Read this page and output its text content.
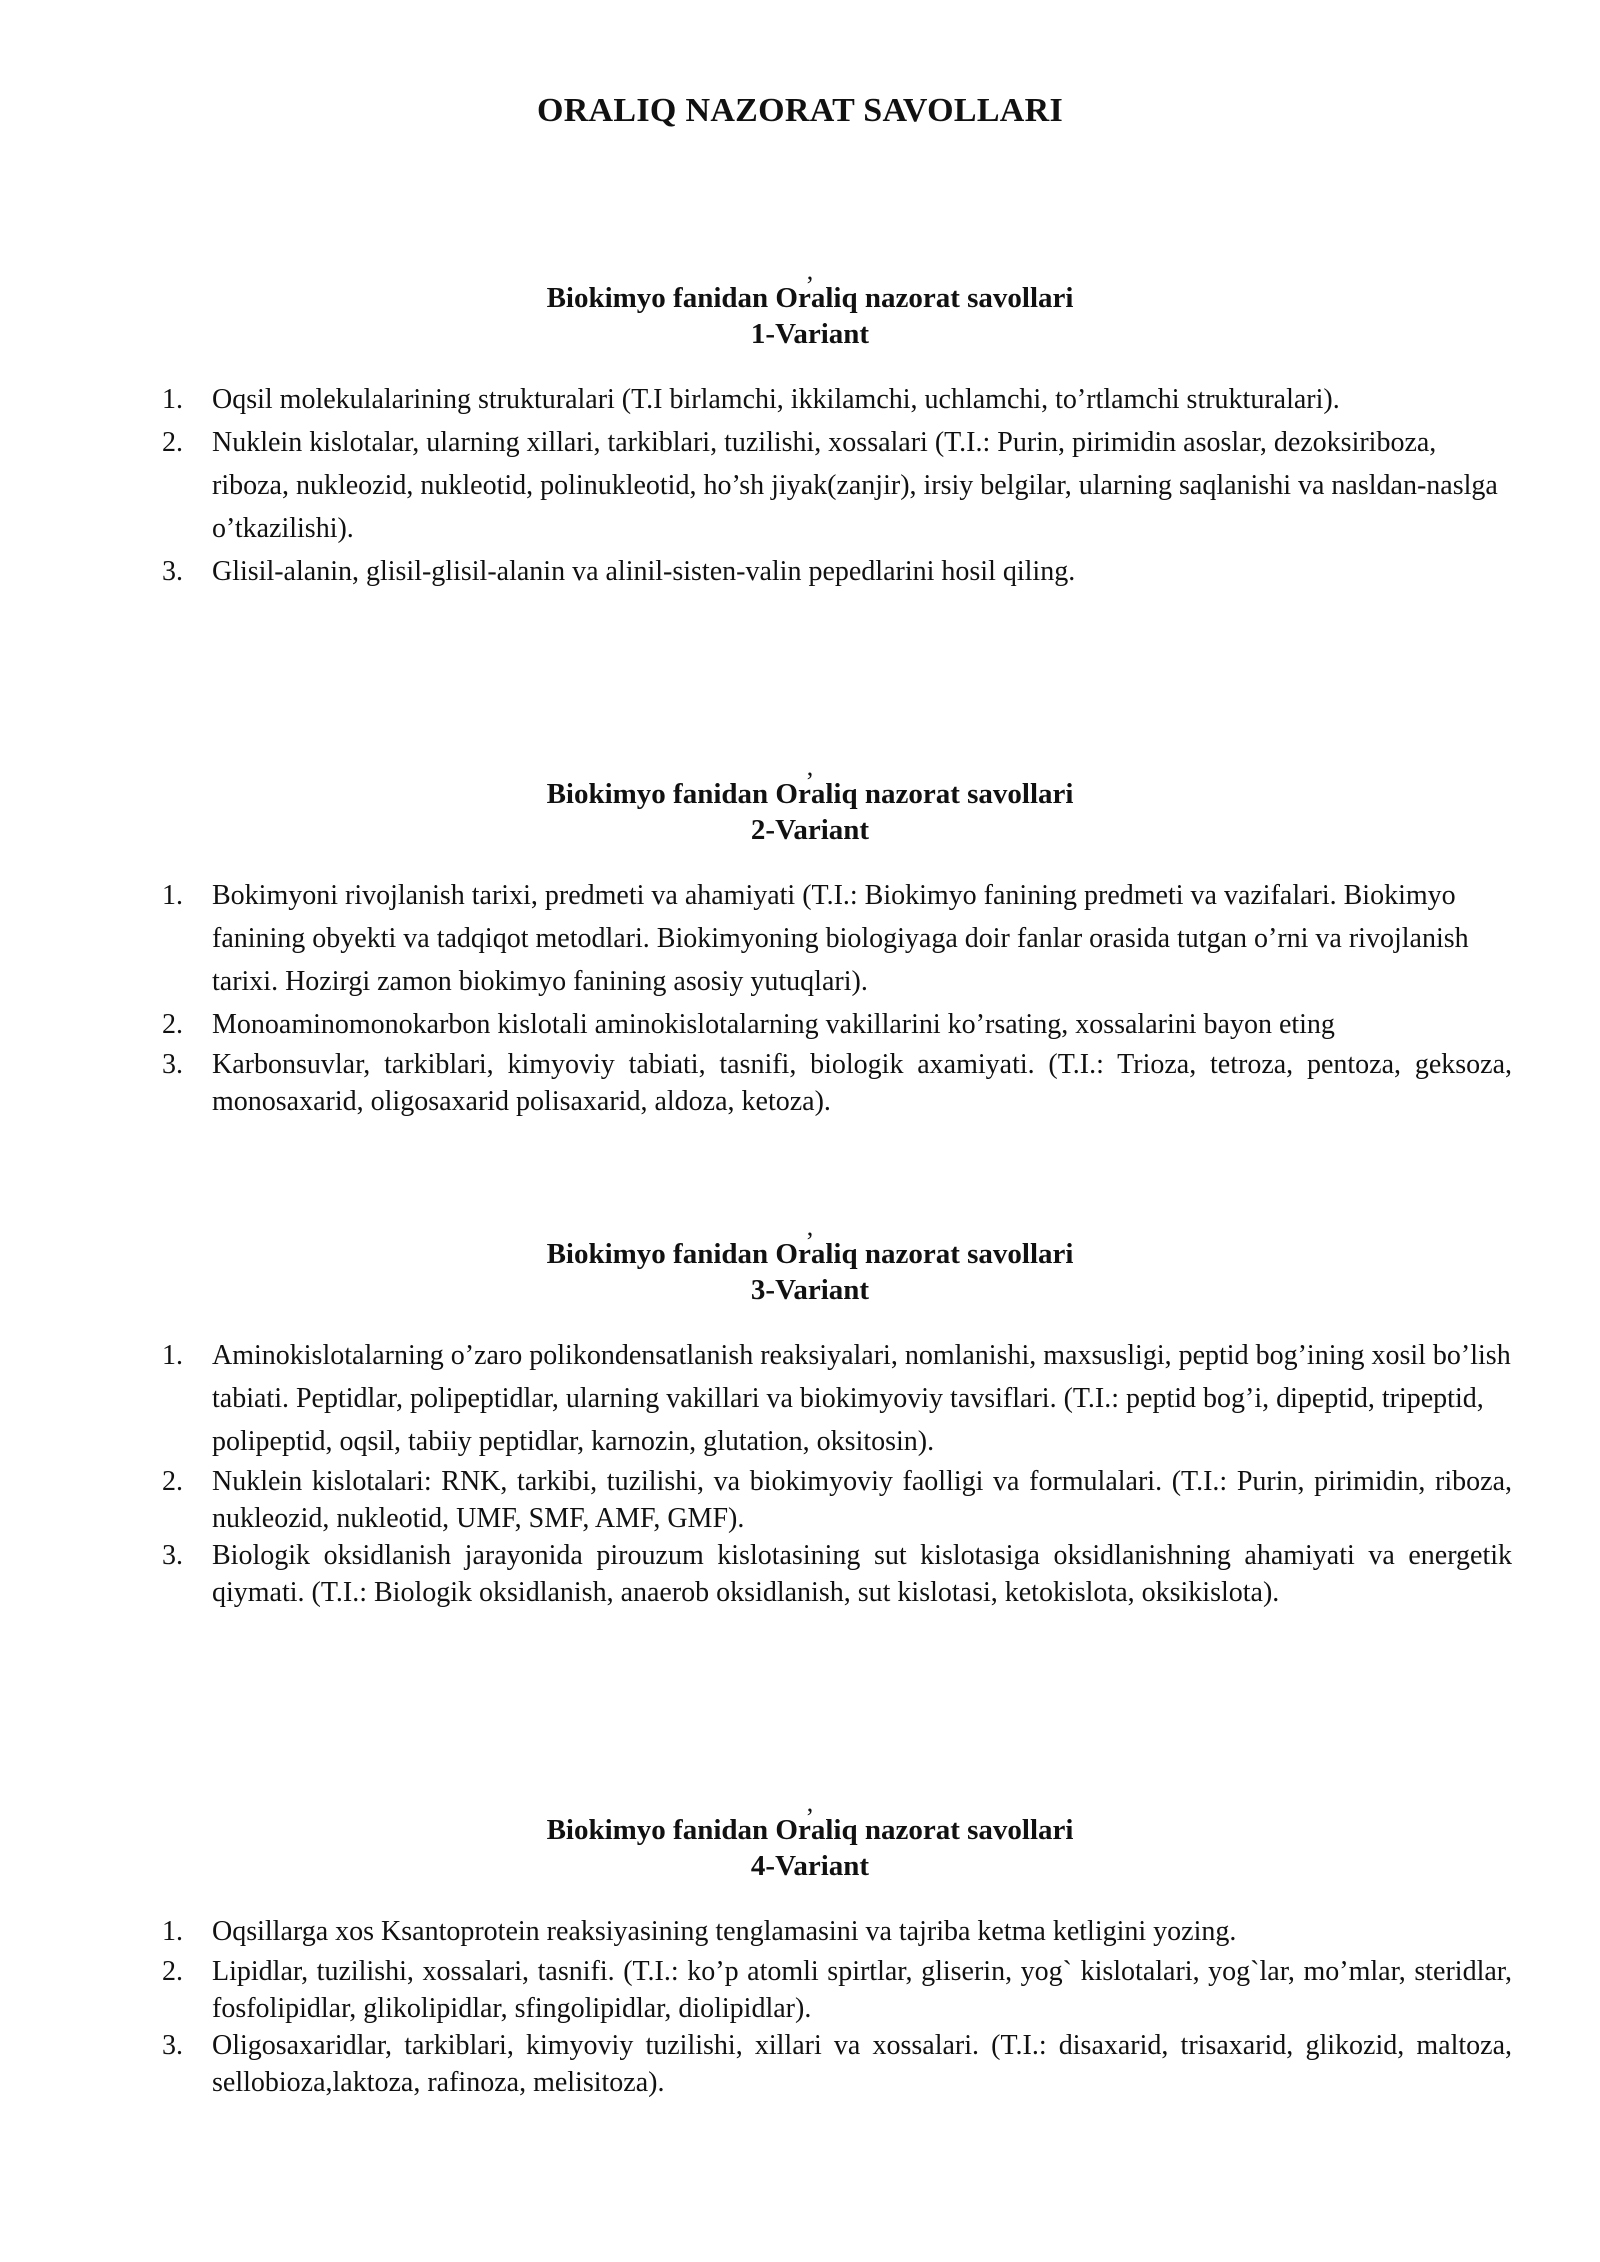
ORALIQ NAZORAT SAVOLLARI
,
Biokimyo fanidan Oraliq nazorat savollari
1-Variant
1. Oqsil molekulalarining strukturalari (T.I birlamchi, ikkilamchi, uchlamchi, to’rtlamchi strukturalari).
2. Nuklein kislotalar, ularning xillari, tarkiblari, tuzilishi, xossalari (T.I.: Purin, pirimidin asoslar, dezoksiriboza, riboza, nukleozid, nukleotid, polinukleotid, ho’sh jiyak(zanjir), irsiy belgilar, ularning saqlanishi va nasldan-naslga o’tkazilishi).
3. Glisil-alanin, glisil-glisil-alanin va alinil-sisten-valin pepedlarini hosil qiling.
,
Biokimyo fanidan Oraliq nazorat savollari
2-Variant
1. Bokimyoni rivojlanish tarixi, predmeti va ahamiyati (T.I.: Biokimyo fanining predmeti va vazifalari. Biokimyo fanining obyekti va tadqiqot metodlari. Biokimyoning biologiyaga doir fanlar orasida tutgan o’rni va rivojlanish tarixi. Hozirgi zamon biokimyo fanining asosiy yutuqlari).
2. Monoaminomonokarbon kislotali aminokislotalarning vakillarini ko’rsating, xossalarini bayon eting
3. Karbonsuvlar, tarkiblari, kimyoviy tabiati, tasnifi, biologik axamiyati. (T.I.: Trioza, tetroza, pentoza, geksoza, monosaxarid, oligosaxarid polisaxarid, aldoza, ketoza).
,
Biokimyo fanidan Oraliq nazorat savollari
3-Variant
1. Aminokislotalarning o’zaro polikondensatlanish reaksiyalari, nomlanishi, maxsusligi, peptid bog’ining xosil bo’lish tabiati. Peptidlar, polipeptidlar, ularning vakillari va biokimyoviy tavsiflari. (T.I.: peptid bog’i, dipeptid, tripeptid, polipeptid, oqsil, tabiiy peptidlar, karnozin, glutation, oksitosin).
2. Nuklein kislotalari: RNK, tarkibi, tuzilishi, va biokimyoviy faolligi va formulalari. (T.I.: Purin, pirimidin, riboza, nukleozid, nukleotid, UMF, SMF, AMF, GMF).
3. Biologik oksidlanish jarayonida pirouzum kislotasining sut kislotasiga oksidlanishning ahamiyati va energetik qiymati. (T.I.: Biologik oksidlanish, anaerob oksidlanish, sut kislotasi, ketokislota, oksikislota).
,
Biokimyo fanidan Oraliq nazorat savollari
4-Variant
1. Oqsillarga xos Ksantoprotein reaksiyasining tenglamasini va tajriba ketma ketligini yozing.
2. Lipidlar, tuzilishi, xossalari, tasnifi. (T.I.: ko’p atomli spirtlar, gliserin, yog` kislotalari, yog`lar, mo’mlar, steridlar, fosfolipidlar, glikolipidlar, sfingolipidlar, diolipidlar).
3. Oligosaxaridlar, tarkiblari, kimyoviy tuzilishi, xillari va xossalari. (T.I.: disaxarid, trisaxarid, glikozid, maltoza, sellobioza,laktoza, rafinoza, melisitoza).
